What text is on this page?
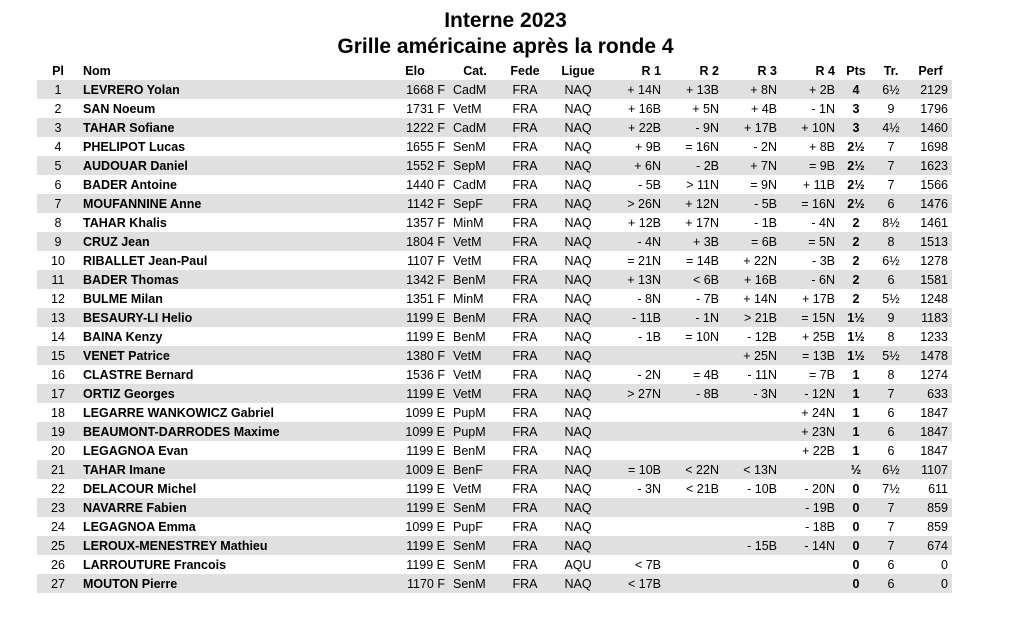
Interne 2023
Grille américaine après la ronde 4
Pl	Nom	Elo	Cat.	Fede	Ligue	R 1	R 2	R 3	R 4	Pts	Tr.	Perf
1	LEVRERO Yolan	1668 F	CadM	FRA	NAQ	+ 14N	+ 13B	+ 8N	+ 2B	4	6½	2129
2	SAN Noeum	1731 F	VetM	FRA	NAQ	+ 16B	+ 5N	+ 4B	- 1N	3	9	1796
3	TAHAR Sofiane	1222 F	CadM	FRA	NAQ	+ 22B	- 9N	+ 17B	+ 10N	3	4½	1460
4	PHELIPOT Lucas	1655 F	SenM	FRA	NAQ	+ 9B	= 16N	- 2N	+ 8B	2½	7	1698
5	AUDOUAR Daniel	1552 F	SepM	FRA	NAQ	+ 6N	- 2B	+ 7N	= 9B	2½	7	1623
6	BADER Antoine	1440 F	CadM	FRA	NAQ	- 5B	> 11N	= 9N	+ 11B	2½	7	1566
7	MOUFANNINE Anne	1142 F	SepF	FRA	NAQ	> 26N	+ 12N	- 5B	= 16N	2½	6	1476
8	TAHAR Khalis	1357 F	MinM	FRA	NAQ	+ 12B	+ 17N	- 1B	- 4N	2	8½	1461
9	CRUZ Jean	1804 F	VetM	FRA	NAQ	- 4N	+ 3B	= 6B	= 5N	2	8	1513
10	RIBALLET Jean-Paul	1107 F	VetM	FRA	NAQ	= 21N	= 14B	+ 22N	- 3B	2	6½	1278
11	BADER Thomas	1342 F	BenM	FRA	NAQ	+ 13N	< 6B	+ 16B	- 6N	2	6	1581
12	BULME Milan	1351 F	MinM	FRA	NAQ	- 8N	- 7B	+ 14N	+ 17B	2	5½	1248
13	BESAURY-LI Helio	1199 E	BenM	FRA	NAQ	- 11B	- 1N	> 21B	= 15N	1½	9	1183
14	BAINA Kenzy	1199 E	BenM	FRA	NAQ	- 1B	= 10N	- 12B	+ 25B	1½	8	1233
15	VENET Patrice	1380 F	VetM	FRA	NAQ			+ 25N	= 13B	1½	5½	1478
16	CLASTRE Bernard	1536 F	VetM	FRA	NAQ	- 2N	= 4B	- 11N	= 7B	1	8	1274
17	ORTIZ Georges	1199 E	VetM	FRA	NAQ	> 27N	- 8B	- 3N	- 12N	1	7	633
18	LEGARRE WANKOWICZ Gabriel	1099 E	PupM	FRA	NAQ				+ 24N	1	6	1847
19	BEAUMONT-DARRODES Maxime	1099 E	PupM	FRA	NAQ				+ 23N	1	6	1847
20	LEGAGNOA Evan	1199 E	BenM	FRA	NAQ				+ 22B	1	6	1847
21	TAHAR Imane	1009 E	BenF	FRA	NAQ	= 10B	< 22N	< 13N		½	6½	1107
22	DELACOUR Michel	1199 E	VetM	FRA	NAQ	- 3N	< 21B	- 10B	- 20N	0	7½	611
23	NAVARRE Fabien	1199 E	SenM	FRA	NAQ				- 19B	0	7	859
24	LEGAGNOA Emma	1099 E	PupF	FRA	NAQ				- 18B	0	7	859
25	LEROUX-MENESTREY Mathieu	1199 E	SenM	FRA	NAQ			- 15B	- 14N	0	7	674
26	LARROUTURE Francois	1199 E	SenM	FRA	AQU	< 7B				0	6	0
27	MOUTON Pierre	1170 F	SenM	FRA	NAQ	< 17B				0	6	0
